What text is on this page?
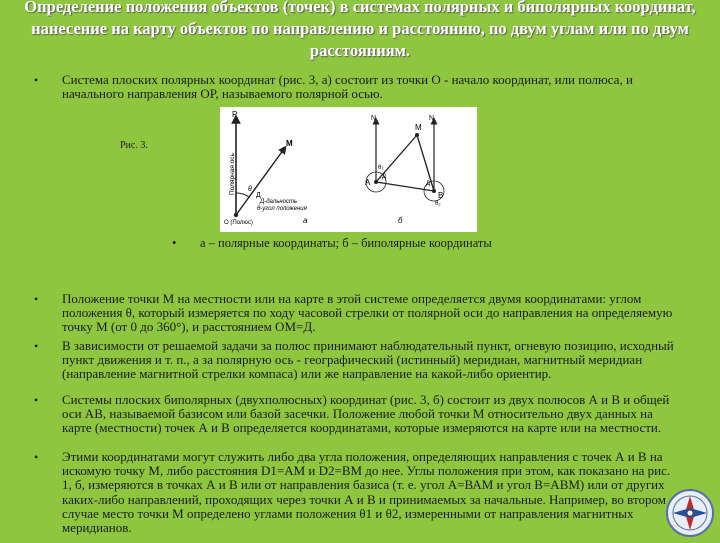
Определение положения объектов (точек) в системах полярных и биполярных координат, нанесение на карту объектов по направлению и расстоянию, по двум углам или по двум расстояниям.
• Система плоских полярных координат (рис. 3, а) состоит из точки О - начало координат, или полюса, и начального направления ОР, называемого полярной осью.
Рис. 3.
Р
М
Полярная ось θ
Д
Д-дальность
θ-угол положения
О (Полюс)	а
N	N
М
А
В
Д
Д
θ₁
θ₂
б
• а – полярные координаты; б – биполярные координаты
• Положение точки М на местности или на карте в этой системе определяется двумя координатами: углом положения θ, который измеряется по ходу часовой стрелки от полярной оси до направления на определяемую точку М (от 0 до 360°), и расстоянием ОМ=Д.
• В зависимости от решаемой задачи за полюс принимают наблюдательный пункт, огневую позицию, исходный пункт движения и т. п., а за полярную ось - географический (истинный) меридиан, магнитный меридиан (направление магнитной стрелки компаса) или же направление на какой-либо ориентир.
• Системы плоских биполярных (двухполюсных) координат (рис. 3, б) состоит из двух полюсов А и В и общей оси АВ, называемой базисом или базой засечки. Положение любой точки М относительно двух данных на карте (местности) точек А и В определяется координатами, которые измеряются на карте или на местности.
• Этими координатами могут служить либо два угла положения, определяющих направления с точек А и В на искомую точку М, либо расстояния D1=AM и D2=BM до нее. Углы положения при этом, как показано на рис. 1, б, измеряются в точках А и В или от направления базиса (т. е. угол А=ВАМ и угол В=АВМ) или от других каких-либо направлений, проходящих через точки А и В и принимаемых за начальные. Например, во втором случае место точки М определено углами положения θ1 и θ2, измеренными от направления магнитных меридианов.
